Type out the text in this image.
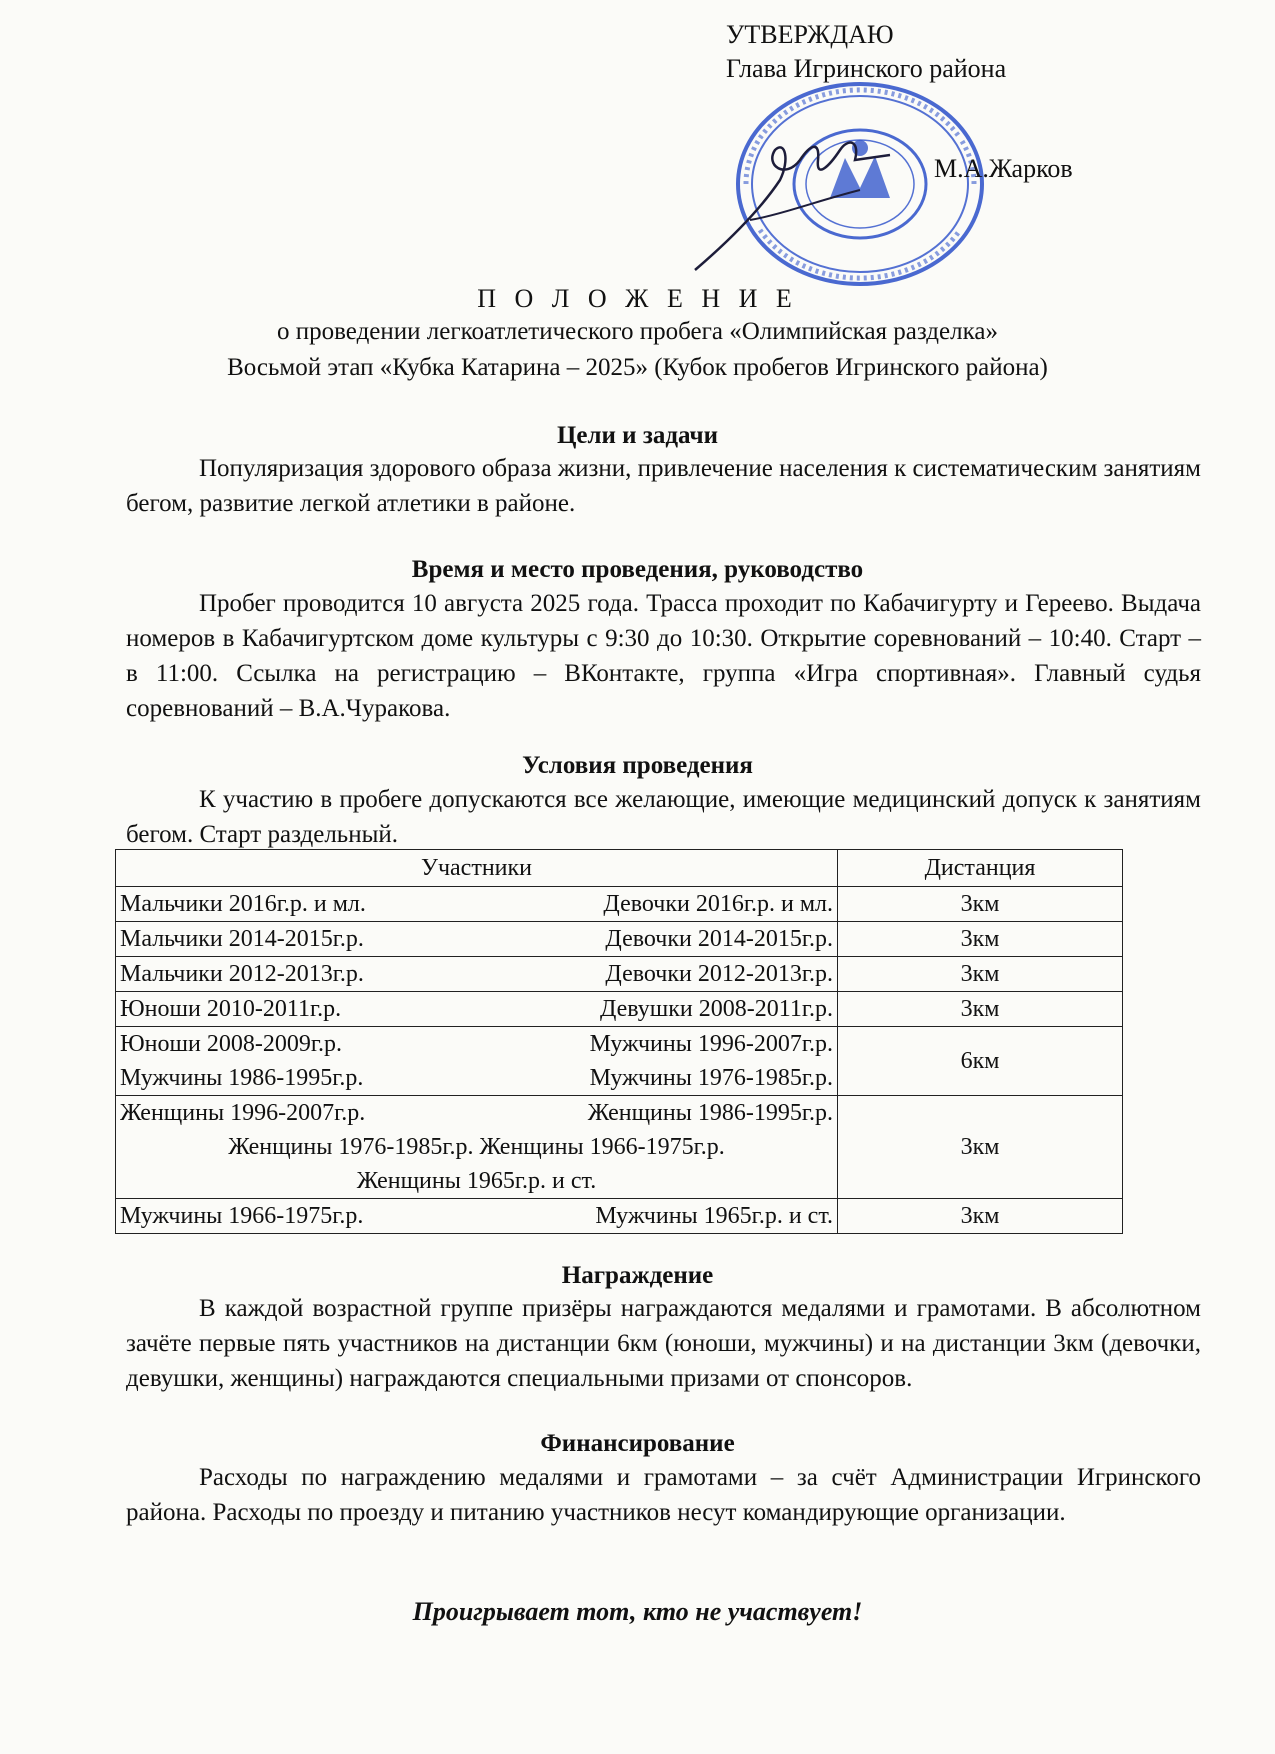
УТВЕРЖДАЮ
Глава Игринского района
М.А.Жарков
П О Л О Ж Е Н И Е
о проведении легкоатлетического пробега «Олимпийская разделка»
Восьмой этап «Кубка Катарина – 2025» (Кубок пробегов Игринского района)
Цели и задачи
Популяризация здорового образа жизни, привлечение населения к систематическим занятиям бегом, развитие легкой атлетики в районе.
Время и место проведения, руководство
Пробег проводится 10 августа 2025 года. Трасса проходит по Кабачигурту и Гереево. Выдача номеров в Кабачигуртском доме культуры с 9:30 до 10:30. Открытие соревнований – 10:40. Старт – в 11:00. Ссылка на регистрацию – ВКонтакте, группа «Игра спортивная». Главный судья соревнований – В.А.Чуракова.
Условия проведения
К участию в пробеге допускаются все желающие, имеющие медицинский допуск к занятиям бегом. Старт раздельный.
Участники	Дистанция

Мальчики 2016г.р. и мл. Девочки 2016г.р. и мл.	3км

Мальчики 2014-2015г.р. Девочки 2014-2015г.р.	3км

Мальчики 2012-2013г.р. Девочки 2012-2013г.р.	3км

Юноши 2010-2011г.р. Девушки 2008-2011г.р.	3км

Юноши 2008-2009г.р. Мужчины 1996-2007г.р.
Мужчины 1986-1995г.р. Мужчины 1976-1985г.р.	6км

Женщины 1996-2007г.р. Женщины 1986-1995г.р.
Женщины 1976-1985г.р. Женщины 1966-1975г.р.
Женщины 1965г.р. и ст.	3км

Мужчины 1966-1975г.р. Мужчины 1965г.р. и ст.	3км
Награждение
В каждой возрастной группе призёры награждаются медалями и грамотами. В абсолютном зачёте первые пять участников на дистанции 6км (юноши, мужчины) и на дистанции 3км (девочки, девушки, женщины) награждаются специальными призами от спонсоров.
Финансирование
Расходы по награждению медалями и грамотами – за счёт Администрации Игринского района. Расходы по проезду и питанию участников несут командирующие организации.
Проигрывает тот, кто не участвует!
